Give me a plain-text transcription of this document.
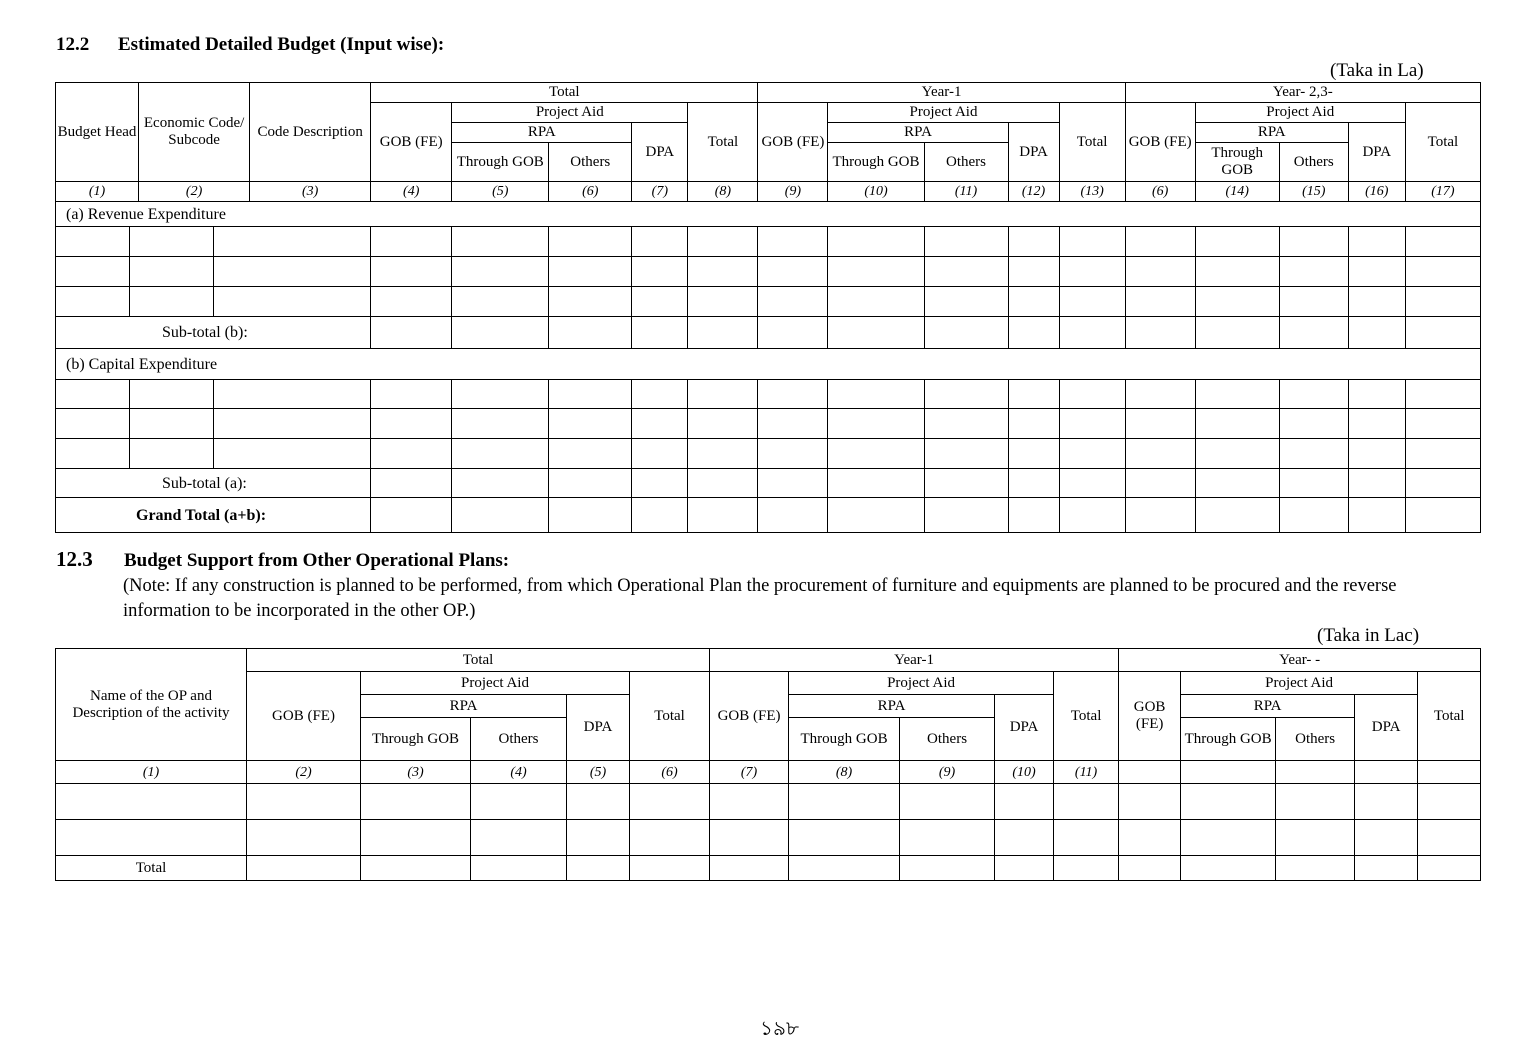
12.2 Estimated Detailed Budget (Input wise):
(Taka in La)
Budget Head	Economic Code/ Subcode	Code Description	Total					Year-1					Year- 2,3-				
			GOB (FE)	Project Aid			Total	GOB (FE)	Project Aid			Total	GOB (FE)	Project Aid			Total
				RPA		DPA			RPA		DPA			RPA		DPA	
				Through GOB	Others				Through GOB	Others				Through GOB	Others		
(1)	(2)	(3)	(4)	(5)	(6)	(7)	(8)	(9)	(10)	(11)	(12)	(13)	(6)	(14)	(15)	(16)	(17)
(a) Revenue Expenditure																	

Sub-total (b):																	
(b) Capital Expenditure																	

Sub-total (a):																	
Grand Total (a+b):																	
12.3 Budget Support from Other Operational Plans:
(Note: If any construction is planned to be performed, from which Operational Plan the procurement of furniture and equipments are planned to be procured and the reverse information to be incorporated in the other OP.)
(Taka in Lac)
Name of the OP and Description of the activity	Total					Year-1					Year- -				
	GOB (FE)	Project Aid			Total	GOB (FE)	Project Aid			Total	GOB (FE)	Project Aid			Total
		RPA		DPA			RPA		DPA			RPA		DPA	
		Through GOB	Others				Through GOB	Others				Through GOB	Others		
(1)	(2)	(3)	(4)	(5)	(6)	(7)	(8)	(9)	(10)	(11)					

Total															
১৯৮
